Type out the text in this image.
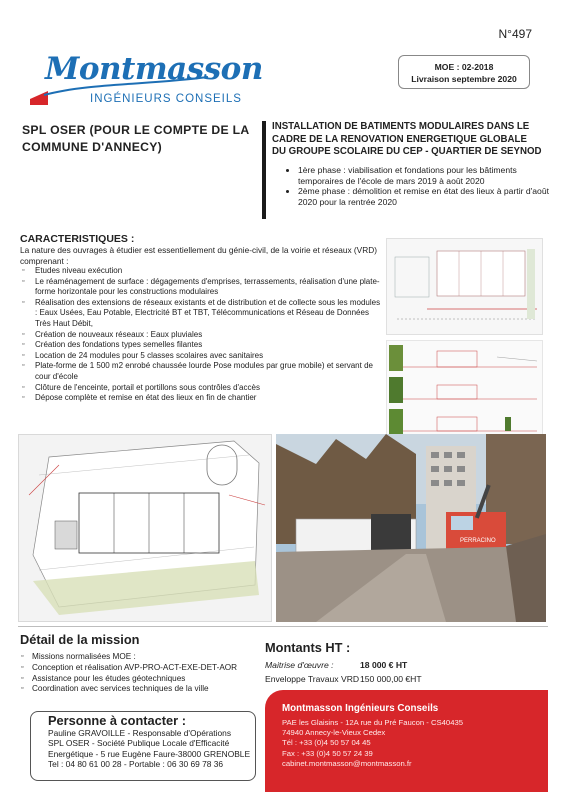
N°497
Montmasson
INGÉNIEURS CONSEILS
MOE : 02-2018
Livraison septembre 2020
SPL OSER (POUR LE COMPTE DE LA COMMUNE D'ANNECY)
INSTALLATION DE BATIMENTS MODULAIRES DANS LE CADRE DE LA RENOVATION ENERGETIQUE GLOBALE DU GROUPE SCOLAIRE DU CEP - QUARTIER DE SEYNOD
• 1ère phase : viabilisation et fondations pour les bâtiments temporaires de l'école de mars 2019 à août 2020
• 2ème phase : démolition et remise en état des lieux à partir d'août 2020 pour la rentrée 2020
CARACTERISTIQUES :
La nature des ouvrages à étudier est essentiellement du génie-civil, de la voirie et réseaux (VRD) comprenant :
▫ Etudes niveau exécution
▫ Le réaménagement de surface : dégagements d'emprises, terrassements, réalisation d'une plate-forme horizontale pour les constructions modulaires
▫ Réalisation des extensions de réseaux existants et de distribution et de collecte sous les modules : Eaux Usées, Eau Potable, Electricité BT et TBT, Télécommunications et Réseau de Données Très Haut Débit,
▫ Création de nouveaux réseaux : Eaux pluviales
▫ Création des fondations types semelles filantes
▫ Location de 24 modules pour 5 classes scolaires avec sanitaires
▫ Plate-forme de 1 500 m2 enrobé chaussée lourde Pose modules par grue mobile) et servant de cour d'école
▫ Clôture de l'enceinte, portail et portillons sous contrôles d'accès
▫ Dépose complète et remise en état des lieux en fin de chantier
PERRACINO
Détail de la mission
▫ Missions normalisées MOE :
▫ Conception et réalisation AVP-PRO-ACT-EXE-DET-AOR
▫ Assistance pour les études géotechniques
▫ Coordination avec services techniques de la ville
Montants HT :
Maitrise d'œuvre :	18 000 € HT
Enveloppe Travaux VRD :
150 000,00 €HT
Personne à contacter :
Pauline GRAVOILLE - Responsable d'Opérations
SPL OSER - Société Publique Locale d'Efficacité
Energétique - 5 rue Eugène Faure-38000 GRENOBLE
Tel : 04 80 61 00 28 - Portable : 06 30 69 78 36
Montmasson Ingénieurs Conseils
PAE les Glaisins - 12A rue du Pré Faucon - CS40435
74940 Annecy-le-Vieux Cedex
Tél : +33 (0)4 50 57 04 45
Fax : +33 (0)4 50 57 24 39
cabinet.montmasson@montmasson.fr
